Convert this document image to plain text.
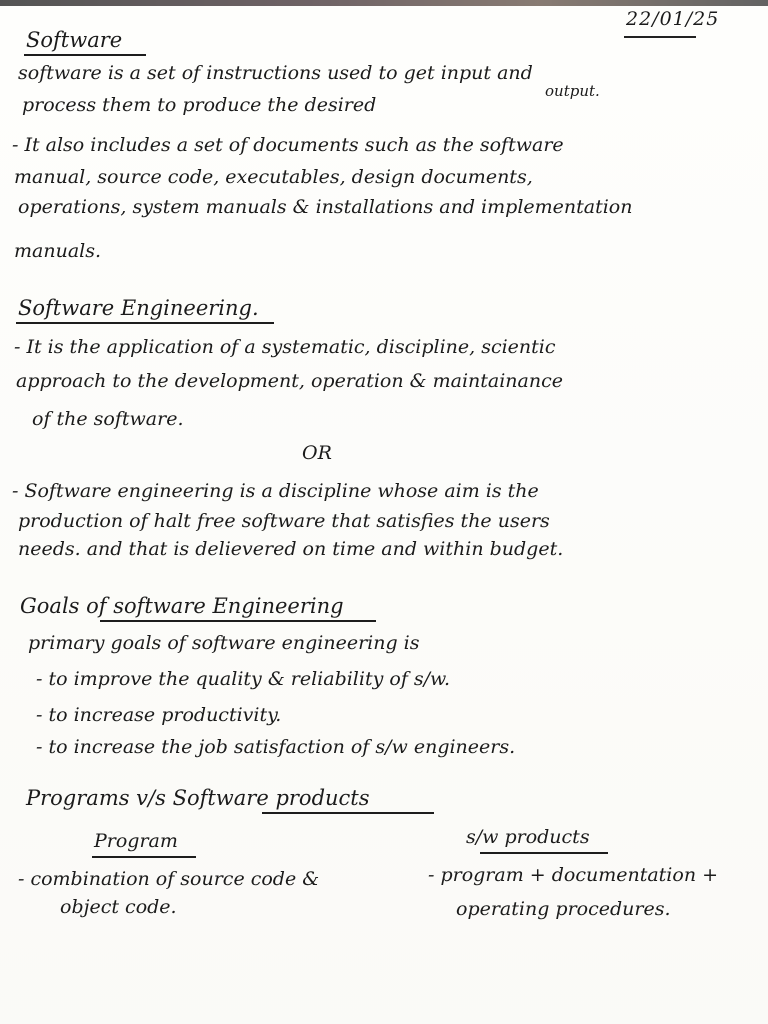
22/01/25
Software
software is a set of instructions used to get input and
process them to produce the desired
output.
- It also includes a set of documents such as the software
manual, source code, executables, design documents,
operations, system manuals & installations and implementation
manuals.
Software Engineering.
- It is the application of a systematic, discipline, scientic
approach to the development, operation & maintainance
of the software.
OR
- Software engineering is a discipline whose aim is the
production of halt free software that satisfies the users
needs. and that is delievered on time and within budget.
Goals of software Engineering
primary goals of software engineering is
- to improve the quality & reliability of s/w.
- to increase productivity.
- to increase the job satisfaction of s/w engineers.
Programs v/s Software products
Program	s/w products
- combination of source code &
object code.
- program + documentation +
operating procedures.
